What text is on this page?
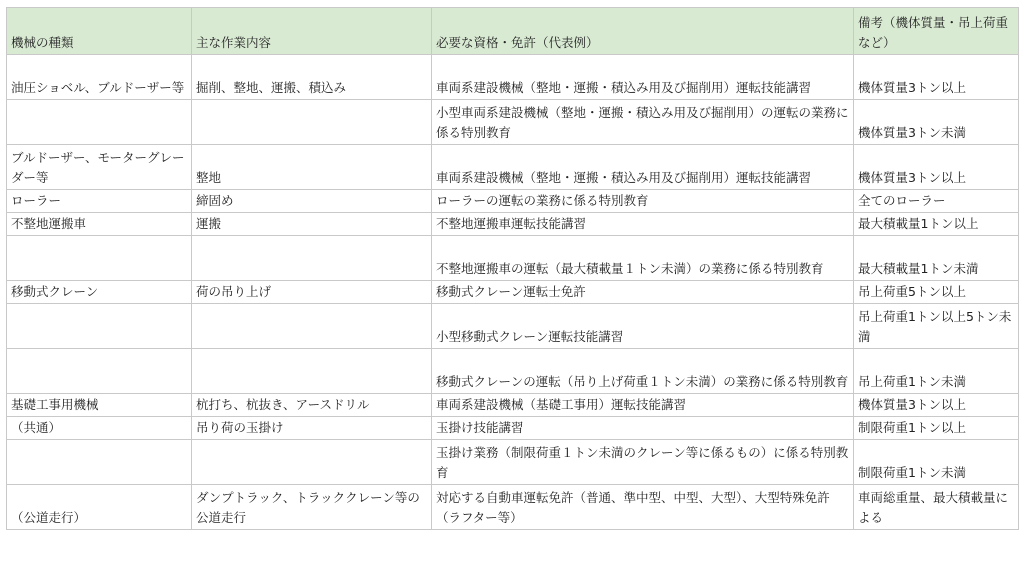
機械の種類	主な作業内容	必要な資格・免許（代表例）	備考（機体質量・吊上荷重など）
油圧ショベル、ブルドーザー等	掘削、整地、運搬、積込み	車両系建設機械（整地・運搬・積込み用及び掘削用）運転技能講習	機体質量3トン以上
		小型車両系建設機械（整地・運搬・積込み用及び掘削用）の運転の業務に係る特別教育	機体質量3トン未満
ブルドーザー、モーターグレーダー等	整地	車両系建設機械（整地・運搬・積込み用及び掘削用）運転技能講習	機体質量3トン以上
ローラー	締固め	ローラーの運転の業務に係る特別教育	全てのローラー
不整地運搬車	運搬	不整地運搬車運転技能講習	最大積載量1トン以上
		不整地運搬車の運転（最大積載量１トン未満）の業務に係る特別教育	最大積載量1トン未満
移動式クレーン	荷の吊り上げ	移動式クレーン運転士免許	吊上荷重5トン以上
		小型移動式クレーン運転技能講習	吊上荷重1トン以上5トン未満
		移動式クレーンの運転（吊り上げ荷重１トン未満）の業務に係る特別教育	吊上荷重1トン未満
基礎工事用機械	杭打ち、杭抜き、アースドリル	車両系建設機械（基礎工事用）運転技能講習	機体質量3トン以上
（共通）	吊り荷の玉掛け	玉掛け技能講習	制限荷重1トン以上
		玉掛け業務（制限荷重１トン未満のクレーン等に係るもの）に係る特別教育	制限荷重1トン未満
（公道走行）	ダンプトラック、トラッククレーン等の公道走行	対応する自動車運転免許（普通、準中型、中型、大型）、大型特殊免許（ラフター等）	車両総重量、最大積載量による
